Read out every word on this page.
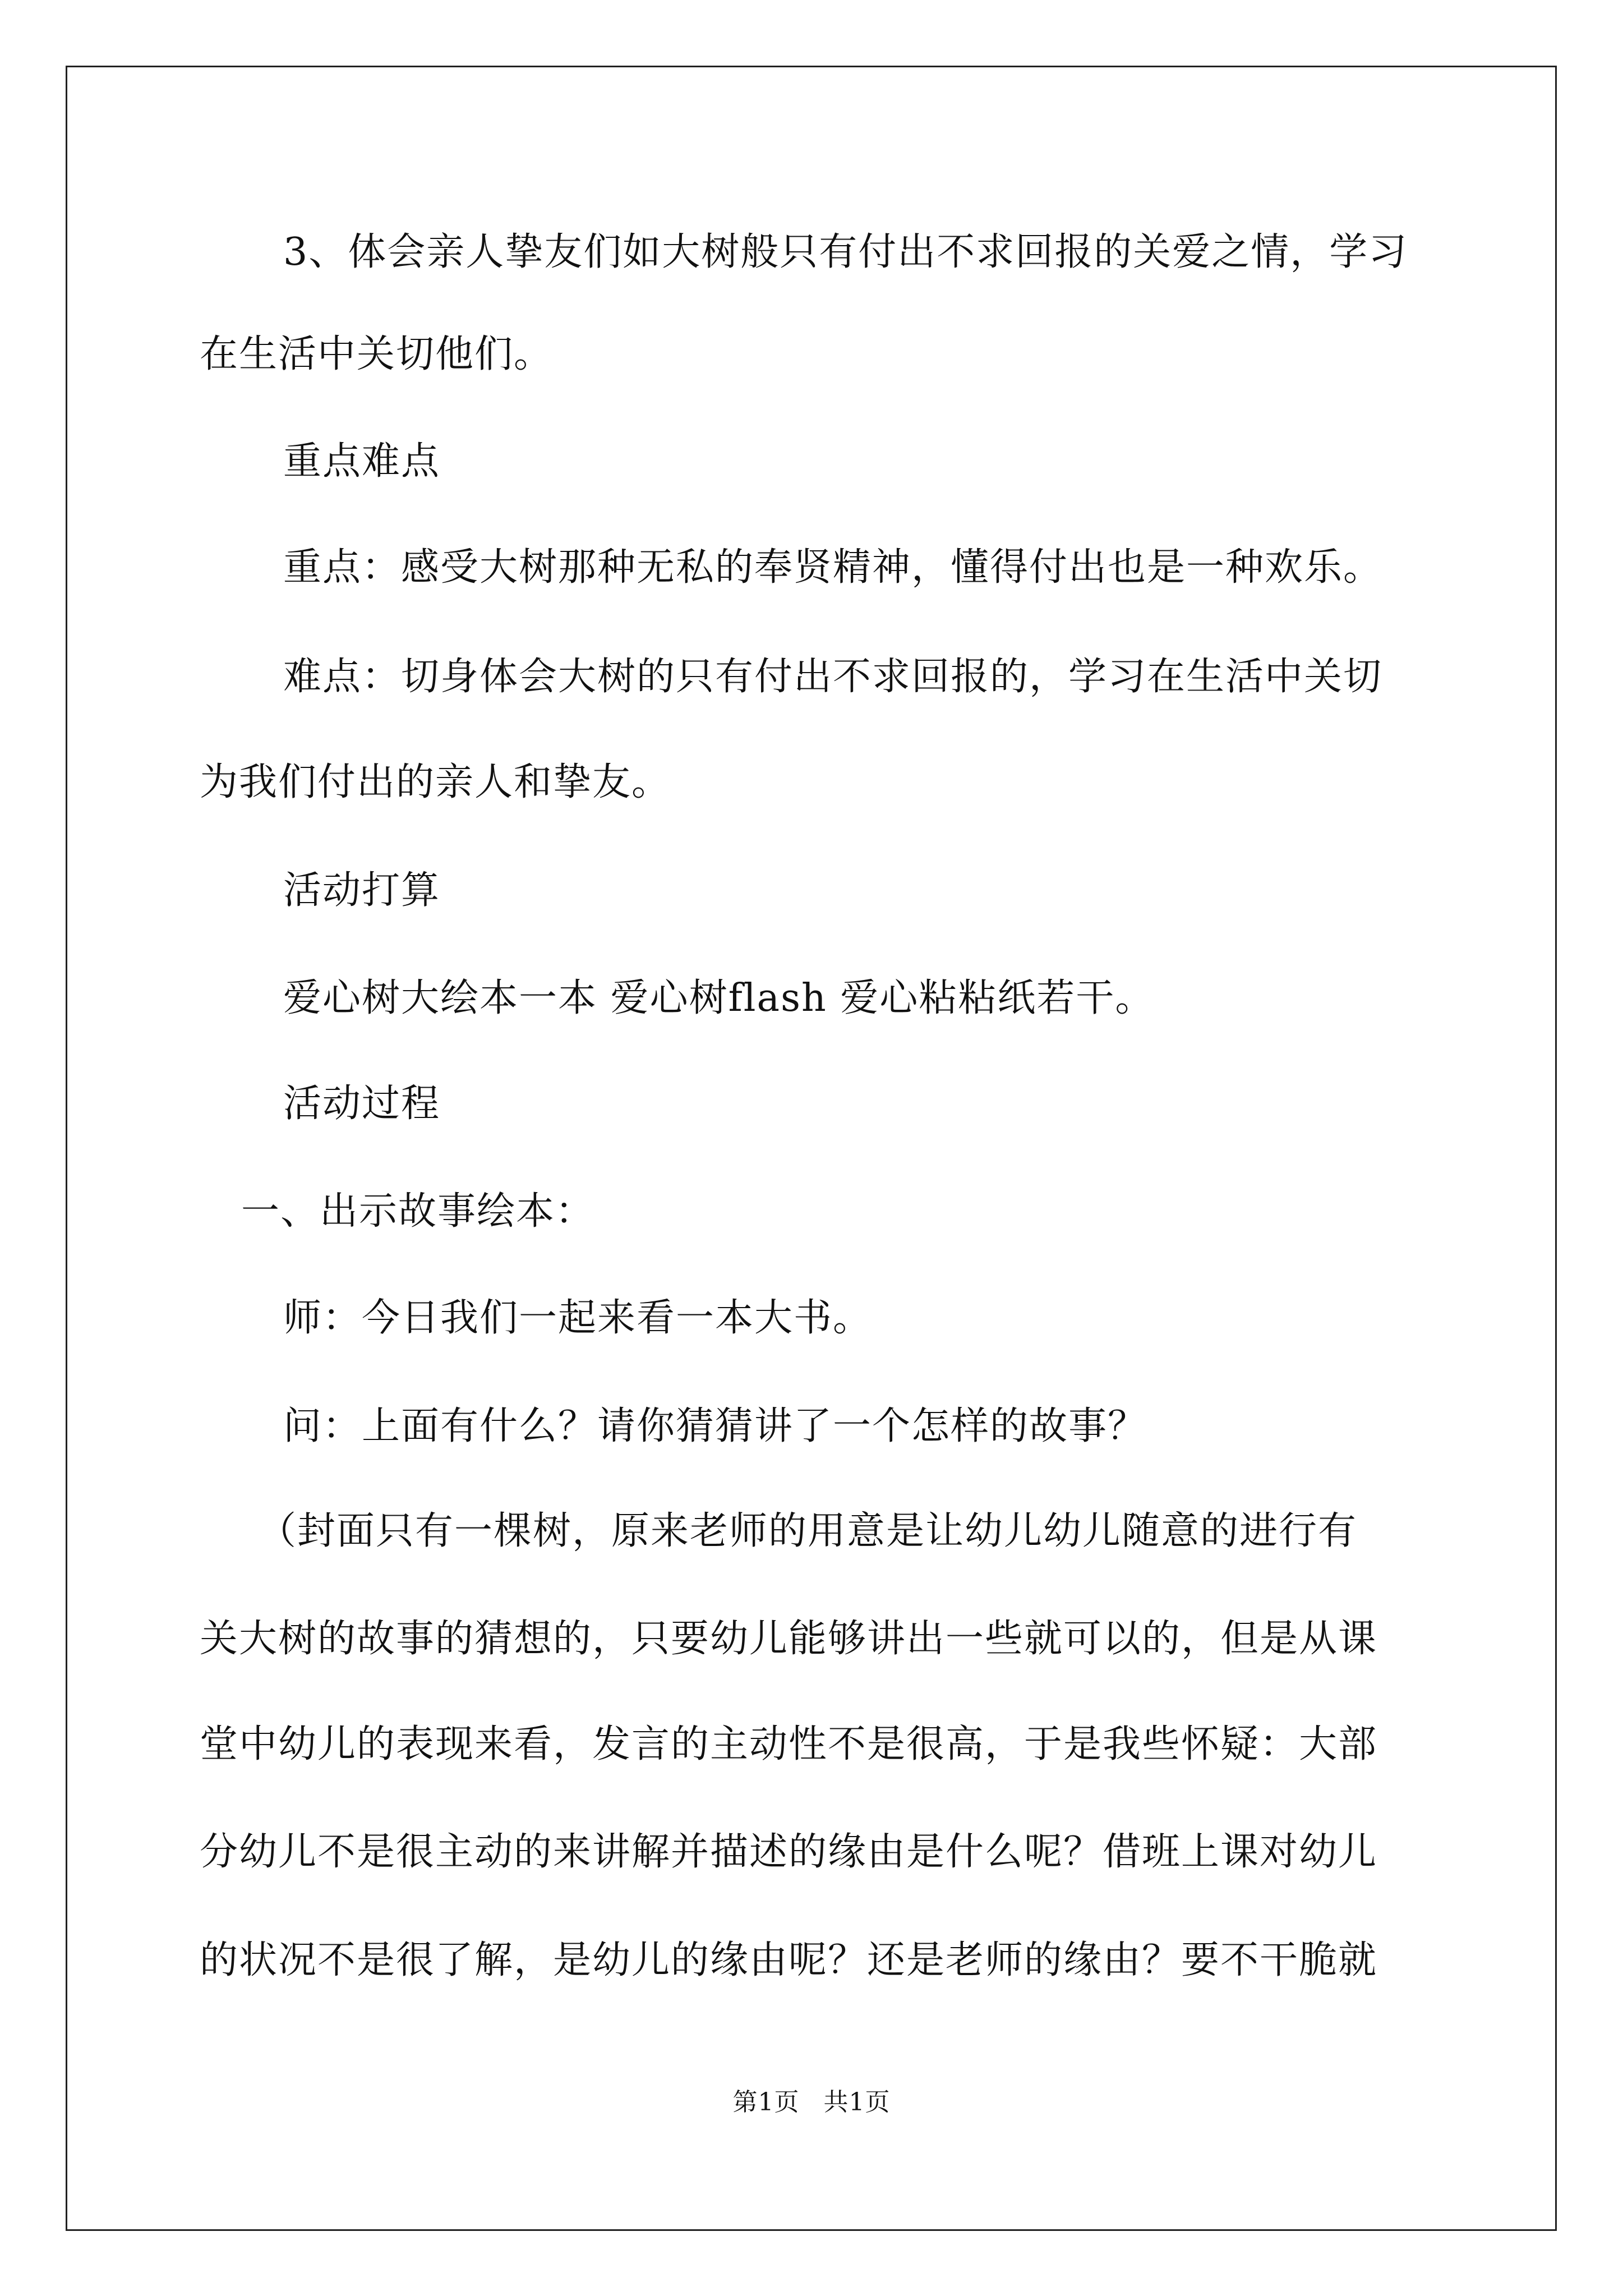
3、体会亲人挚友们如大树般只有付出不求回报的关爱之情，学习
在生活中关切他们。
重点难点
重点：感受大树那种无私的奉贤精神，懂得付出也是一种欢乐。
难点：切身体会大树的只有付出不求回报的，学习在生活中关切
为我们付出的亲人和挚友。
活动打算
爱心树大绘本一本 爱心树flash 爱心粘粘纸若干。
活动过程
一、出示故事绘本：
师：今日我们一起来看一本大书。
问：上面有什么？请你猜猜讲了一个怎样的故事？
（封面只有一棵树，原来老师的用意是让幼儿幼儿随意的进行有
关大树的故事的猜想的，只要幼儿能够讲出一些就可以的，但是从课
堂中幼儿的表现来看，发言的主动性不是很高，于是我些怀疑：大部
分幼儿不是很主动的来讲解并描述的缘由是什么呢？借班上课对幼儿
的状况不是很了解，是幼儿的缘由呢？还是老师的缘由？要不干脆就
第1页 共1页
